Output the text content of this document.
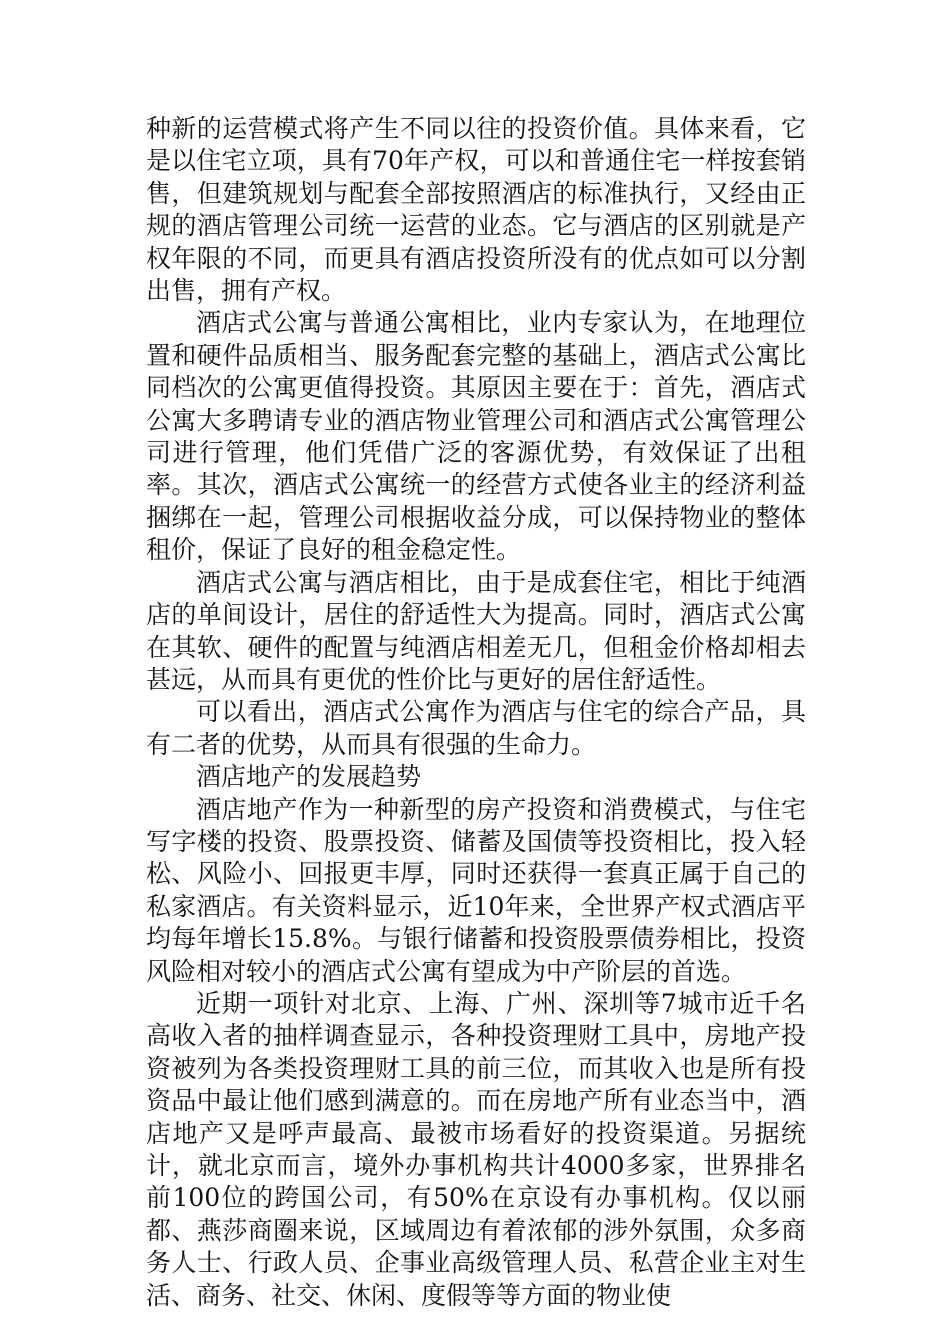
种新的运营模式将产生不同以往的投资价值。具体来看，它是以住宅立项，具有70年产权，可以和普通住宅一样按套销售，但建筑规划与配套全部按照酒店的标准执行，又经由正规的酒店管理公司统一运营的业态。它与酒店的区别就是产权年限的不同，而更具有酒店投资所没有的优点如可以分割出售，拥有产权。

酒店式公寓与普通公寓相比，业内专家认为，在地理位置和硬件品质相当、服务配套完整的基础上，酒店式公寓比同档次的公寓更值得投资。其原因主要在于：首先，酒店式公寓大多聘请专业的酒店物业管理公司和酒店式公寓管理公司进行管理，他们凭借广泛的客源优势，有效保证了出租率。其次，酒店式公寓统一的经营方式使各业主的经济利益捆绑在一起，管理公司根据收益分成，可以保持物业的整体租价，保证了良好的租金稳定性。

酒店式公寓与酒店相比，由于是成套住宅，相比于纯酒店的单间设计，居住的舒适性大为提高。同时，酒店式公寓在其软、硬件的配置与纯酒店相差无几，但租金价格却相去甚远，从而具有更优的性价比与更好的居住舒适性。

可以看出，酒店式公寓作为酒店与住宅的综合产品，具有二者的优势，从而具有很强的生命力。

酒店地产的发展趋势

酒店地产作为一种新型的房产投资和消费模式，与住宅写字楼的投资、股票投资、储蓄及国债等投资相比，投入轻松、风险小、回报更丰厚，同时还获得一套真正属于自己的私家酒店。有关资料显示，近10年来，全世界产权式酒店平均每年增长15.8%。与银行储蓄和投资股票债券相比，投资风险相对较小的酒店式公寓有望成为中产阶层的首选。

近期一项针对北京、上海、广州、深圳等7城市近千名高收入者的抽样调查显示，各种投资理财工具中，房地产投资被列为各类投资理财工具的前三位，而其收入也是所有投资品中最让他们感到满意的。而在房地产所有业态当中，酒店地产又是呼声最高、最被市场看好的投资渠道。另据统计，就北京而言，境外办事机构共计4000多家，世界排名前100位的跨国公司，有50%在京设有办事机构。仅以丽都、燕莎商圈来说，区域周边有着浓郁的涉外氛围，众多商务人士、行政人员、企事业高级管理人员、私营企业主对生活、商务、社交、休闲、度假等等方面的物业使
